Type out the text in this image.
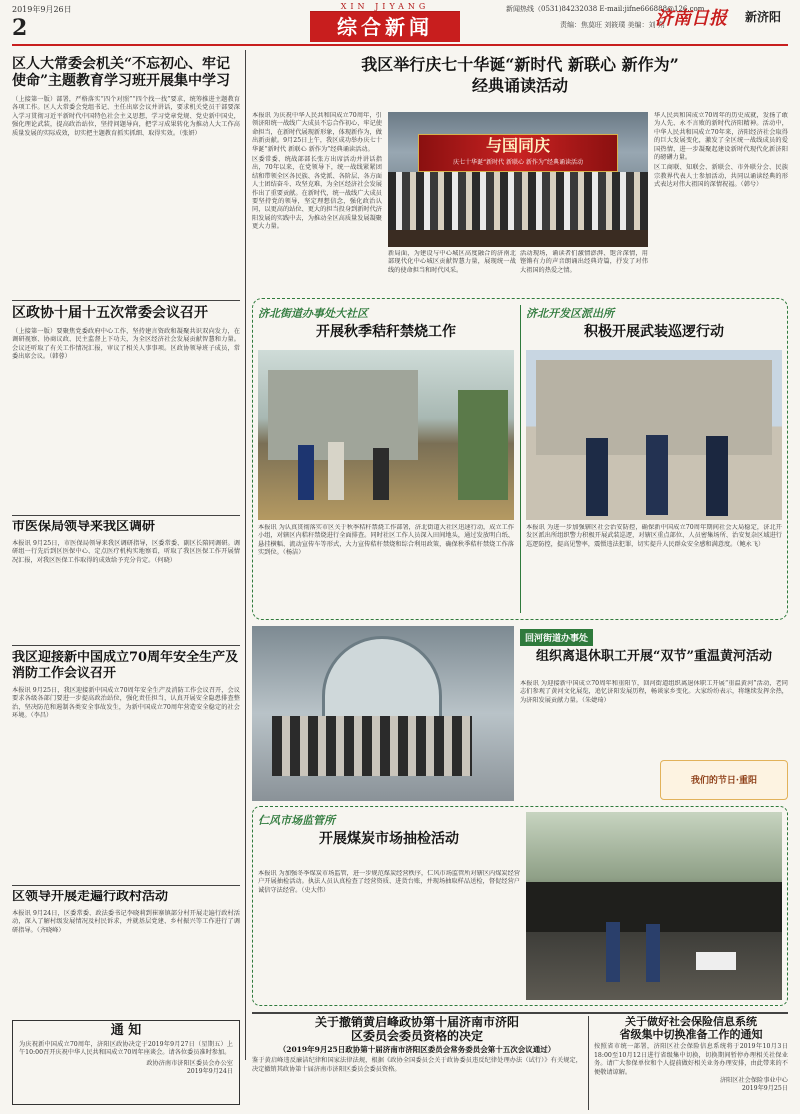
2019年9月26日
2
XIN JIYANG
综合新闻
新闻热线（0531)84232038 E-mail:jifne666888@126.com
责编：焦莫旺 刘筱璞 美编：刘 朔
济南日报 新济阳
区人大常委会机关“不忘初心、牢记使命”主题教育学习班开展集中学习
（上接第一版）部署，严格落实“四个对照”“四个找一找”要求，统筹推进主题教育各项工作。区人大常委会党组书记、主任出席会议并讲话，要求机关党员干部要深入学习贯彻习近平新时代中国特色社会主义思想，学习党章党规、党史新中国史，强化理论武装，提高政治站位，坚持问题导向，把学习成果转化为推动人大工作高质量发展的实际成效，切实把主题教育抓实抓细、取得实效。（张妍）
区政协十届十五次常委会议召开
（上接第一版）要聚焦党委政府中心工作，坚持建言资政和凝聚共识双向发力，在调研视察、协商议政、民主监督上下功夫，为全区经济社会发展贡献智慧和力量。会议还听取了有关工作情况汇报，审议了相关人事事项。区政协领导班子成员，常委出席会议。（韩蓉）
市医保局领导来我区调研
本报讯 9月25日，市医保局领导来我区调研指导，区委常委、副区长陪同调研。调研组一行先后到区医保中心、定点医疗机构实地察看，听取了我区医保工作开展情况汇报，对我区医保工作取得的成效给予充分肯定。（何晓）
我区迎接新中国成立70周年安全生产及消防工作会议召开
本报讯 9月25日，我区迎接新中国成立70周年安全生产及消防工作会议召开，会议要求各级各部门要进一步提高政治站位，强化责任担当，认真开展安全隐患排查整治，坚决防范和遏制各类安全事故发生，为新中国成立70周年营造安全稳定的社会环境。（李昌）
区领导开展走遍行政村活动
本报讯 9月24日，区委常委、政法委书记李晓莉到崔寨镇部分村开展走遍行政村活动，深入了解村级发展情况及村民诉求，并就基层党建、乡村振兴等工作进行了调研指导。（齐晓峰）
通 知
为庆祝新中国成立70周年，济阳区政协决定于2019年9月27日（星期五）上午10:00召开庆祝中华人民共和国成立70周年座谈会。请各位委员准时参加。
政协济南市济阳区委员会办公室
2019年9月24日
我区举行庆七十华诞“新时代 新联心 新作为”
经典诵读活动
本报讯 为庆祝中华人民共和国成立70周年，引领济阳统一战线广大成员不忘合作初心，牢记使命担当，在新时代展现新形象，体现新作为，做出新贡献。9月25日上午，我区成功举办庆七十华诞“新时代 新联心 新作为”经典诵读活动。
区委常委、统战部部长张方出席活动并讲话指出，70年以来，在党领导下，统一战线紧紧团结和带领全区各民族、各党派、各阶层、各方面人士团结奋斗、攻坚克难，为全区经济社会发展作出了重要贡献。在新时代，统一战线广大成员要坚持党的领导，坚定理想信念，强化政治认同，以更高的站位、更大的担当投身到新时代济阳发展的实践中去，为推动全区高质量发展凝聚更大力量。
与国同庆
庆七十华诞“新时代 新联心 新作为”经典诵读活动
新局面，为建设与中心城区高度融合的济南北部现代化中心城区贡献智慧力量，展现统一战线的使命担当和时代风采。
活动现场，诵读者们激情澎湃、饱含深情，用铿锵有力的声音朗诵出经典诗篇，抒发了对伟大祖国的热爱之情。
华人民共和国成立70周年的历史成就，发扬了敢为人先、永不言败的新时代济阳精神。活动中，中华人民共和国成立70年来，济阳经济社会取得的巨大发展变化，激发了全区统一战线成员的爱国热情，进一步凝聚起建设新时代现代化新济阳的磅礴力量。
区工商联、知联会、新联会、市外联分会、民族宗教界代表人士参加活动，共同以诵读经典的形式表达对伟大祖国的深情祝福。（韩兮）
济北街道办事处大社区
开展秋季秸秆禁烧工作
本报讯 为认真贯彻落实市区关于秋季秸秆禁烧工作部署，济北街道大社区迅速行动，成立工作小组，对辖区内秸秆禁烧进行全面排查。同时社区工作人员深入田间地头，通过发放明白纸、悬挂横幅、流动宣传车等形式，大力宣传秸秆禁烧和综合利用政策，确保秋季秸秆禁烧工作落实到位。（杨洁）
济北开发区派出所
积极开展武装巡逻行动
本报讯 为进一步加强辖区社会治安防控，确保新中国成立70周年期间社会大局稳定，济北开发区派出所组织警力积极开展武装巡逻，对辖区重点部位、人员密集场所、治安复杂区域进行巡逻防控，提高见警率，震慑违法犯罪，切实提升人民群众安全感和满意度。（鲍永飞）
回河街道办事处
组织离退休职工开展“双节”重温黄河活动
本报讯 为迎接新中国成立70周年和重阳节，回河街道组织离退休职工开展“重温黄河”活动，老同志们参观了黄河文化展览，追忆济阳发展历程，畅谈家乡变化。大家纷纷表示，将继续发挥余热，为济阳发展贡献力量。（朱婕琦）
我们的节日·重阳
仁风市场监管所
开展煤炭市场抽检活动
本报讯 为加强冬季煤炭市场监管，进一步规范煤炭经营秩序，仁风市场监管所对辖区内煤炭经营户开展抽检活动。执法人员认真检查了经营资质、进货台账，并现场抽取样品送检，督促经营户诚信守法经营。（史大伟）
关于撤销黄启峰政协第十届济南市济阳
区委员会委员资格的决定
（2019年9月25日政协第十届济南市济阳区委员会常务委员会第十五次会议通过）
鉴于黄启峰违反廉洁纪律和国家法律法规，根据《政协全国委员会关于政协委员违反纪律处理办法（试行）》有关规定，决定撤销其政协第十届济南市济阳区委员会委员资格。
关于做好社会保险信息系统
省级集中切换准备工作的通知
按照省市统一部署，济阳区社会保险信息系统将于2019年10月3日18:00至10月12日进行省级集中切换，切换期间暂停办理相关社保业务。请广大参保单位和个人提前做好相关业务办理安排，由此带来的不便敬请谅解。
济阳区社会保险事业中心
2019年9月25日
